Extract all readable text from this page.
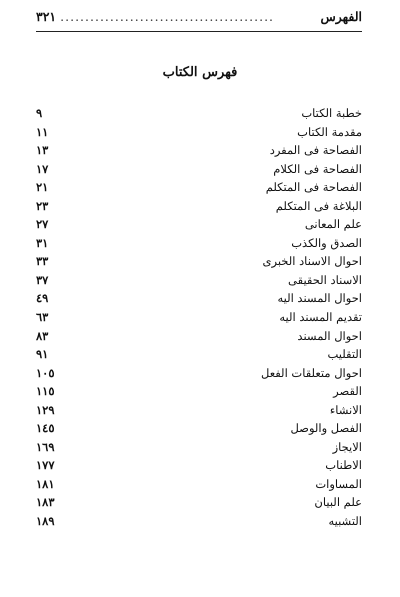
الفهرس
...........................................
٣٢١
فهرس الكتاب
خطبة الكتاب
٩
مقدمة الكتاب
١١
الفصاحة فى المفرد
١٣
الفصاحة فى الكلام
١٧
الفصاحة فى المتكلم
٢١
البلاغة فى المتكلم
٢٣
علم المعانى
٢٧
الصدق والكذب
٣١
احوال الاسناد الخبرى
٣٣
الاسناد الحقيقى
٣٧
احوال المسند اليه
٤٩
تقديم المسند اليه
٦٣
احوال المسند
٨٣
التقليب
٩١
احوال متعلقات الفعل
١٠٥
القصر
١١٥
الانشاء
١٢٩
الفصل والوصل
١٤٥
الايجاز
١٦٩
الاطناب
١٧٧
المساوات
١٨١
علم البيان
١٨٣
التشبيه
١٨٩
